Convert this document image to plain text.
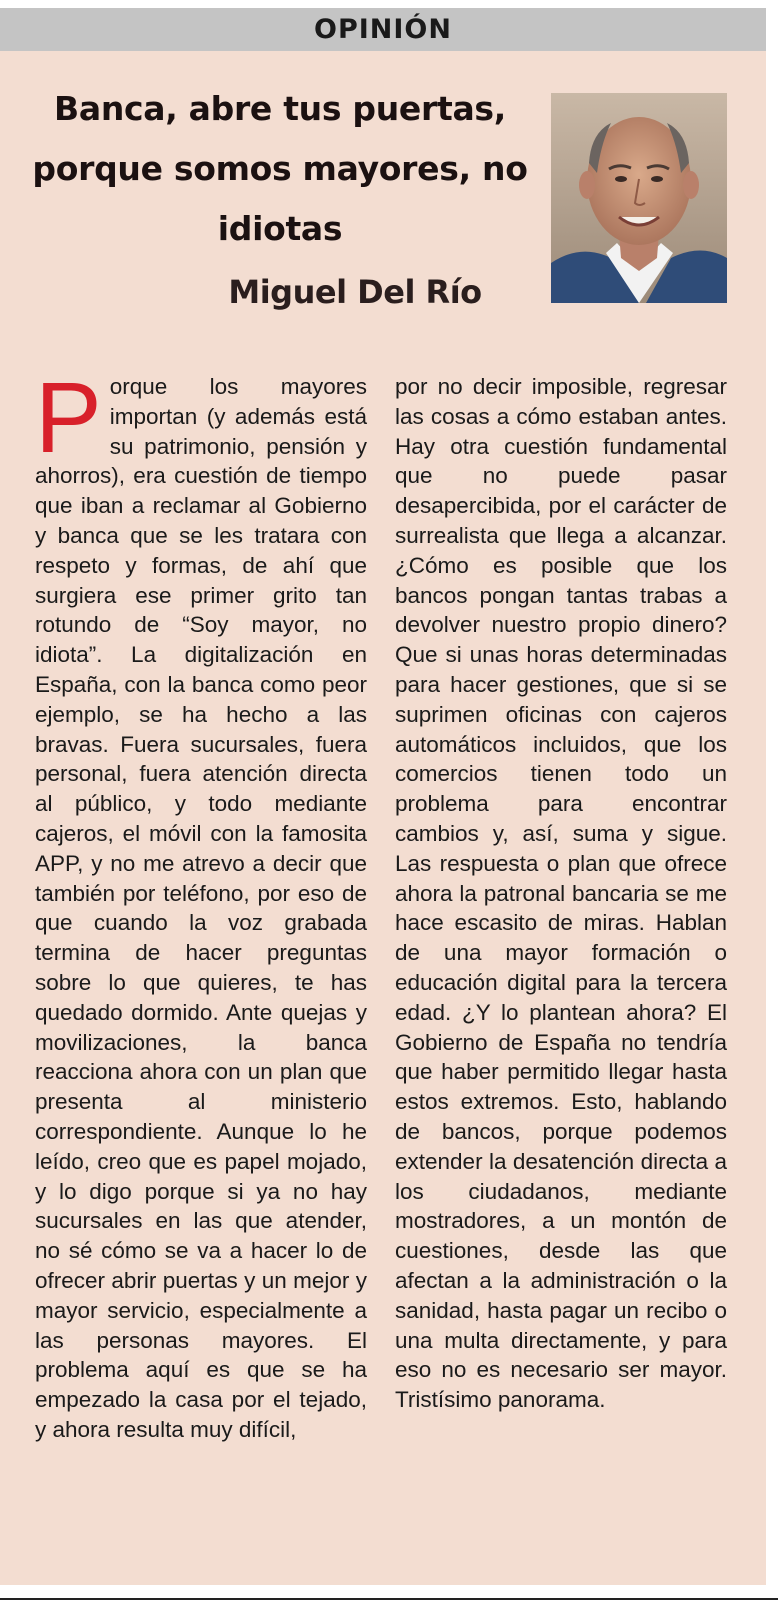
OPINIÓN
Banca, abre tus puertas, porque somos mayores, no idiotas

Miguel Del Río

Porque los mayores importan (y además está su patrimonio, pensión y ahorros), era cuestión de tiempo que iban a reclamar al Gobierno y banca que se les tratara con respeto y formas, de ahí que surgiera ese primer grito tan rotundo de “Soy mayor, no idiota”. La digitalización en España, con la banca como peor ejemplo, se ha hecho a las bravas. Fuera sucursales, fuera personal, fuera atención directa al público, y todo mediante cajeros, el móvil con la famosita APP, y no me atrevo a decir que también por teléfono, por eso de que cuando la voz grabada termina de hacer preguntas sobre lo que quieres, te has quedado dormido. Ante quejas y movilizaciones, la banca reacciona ahora con un plan que presenta al ministerio correspondiente. Aunque lo he leído, creo que es papel mojado, y lo digo porque si ya no hay sucursales en las que atender, no sé cómo se va a hacer lo de ofrecer abrir puertas y un mejor y mayor servicio, especialmente a las personas mayores. El problema aquí es que se ha empezado la casa por el tejado, y ahora resulta muy difícil,

por no decir imposible, regresar las cosas a cómo estaban antes. Hay otra cuestión fundamental que no puede pasar desapercibida, por el carácter de surrealista que llega a alcanzar. ¿Cómo es posible que los bancos pongan tantas trabas a devolver nuestro propio dinero? Que si unas horas determinadas para hacer gestiones, que si se suprimen oficinas con cajeros automáticos incluidos, que los comercios tienen todo un problema para encontrar cambios y, así, suma y sigue. Las respuesta o plan que ofrece ahora la patronal bancaria se me hace escasito de miras. Hablan de una mayor formación o educación digital para la tercera edad. ¿Y lo plantean ahora? El Gobierno de España no tendría que haber permitido llegar hasta estos extremos. Esto, hablando de bancos, porque podemos extender la desatención directa a los ciudadanos, mediante mostradores, a un montón de cuestiones, desde las que afectan a la administración o la sanidad, hasta pagar un recibo o una multa directamente, y para eso no es necesario ser mayor. Tristísimo panorama.
